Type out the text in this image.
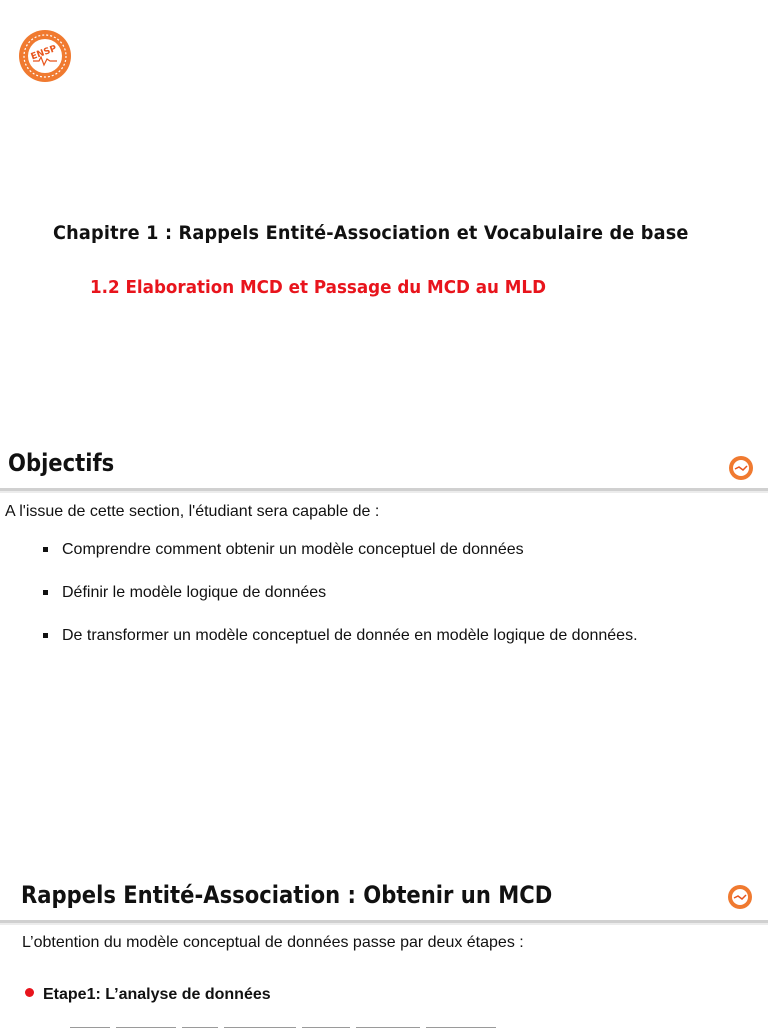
ENSP
Chapitre 1 : Rappels Entité-Association et Vocabulaire de base
1.2 Elaboration MCD et Passage du MCD au MLD
Objectifs
A l'issue de cette section, l'étudiant sera capable de :
Comprendre comment obtenir un modèle conceptuel de données
Définir le modèle logique de données
De transformer un modèle conceptuel de donnée en modèle logique de données.
Rappels Entité-Association : Obtenir un MCD
L’obtention du modèle conceptual de données passe par deux étapes :
Etape1: L’analyse de données
